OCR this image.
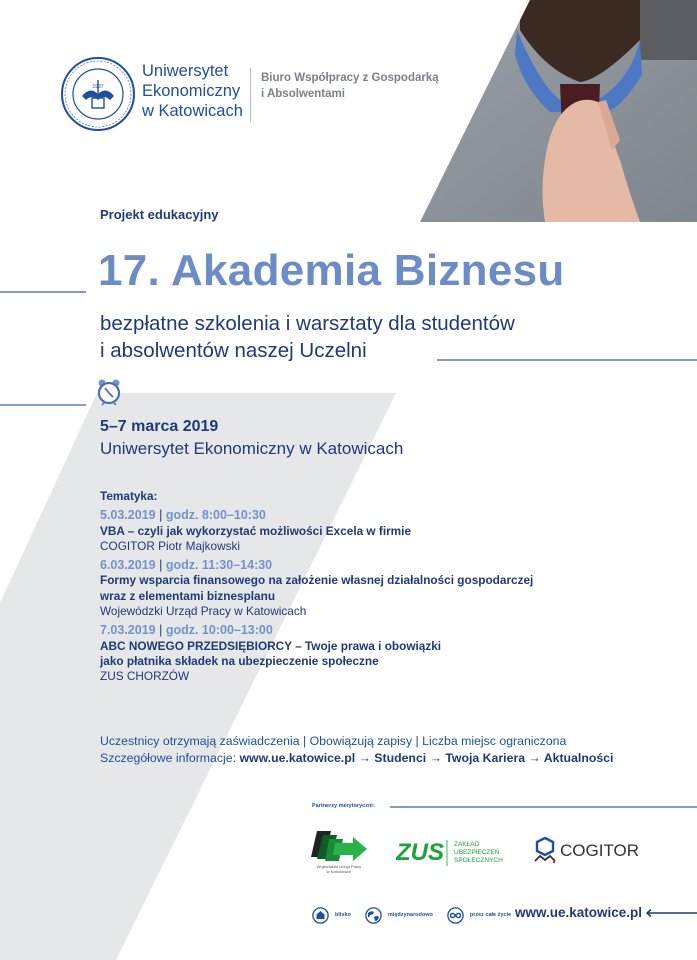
1937
Uniwersytet
Ekonomiczny
w Katowicach
Biuro Współpracy z Gospodarką
i Absolwentami
Projekt edukacyjny
17. Akademia Biznesu
bezpłatne szkolenia i warsztaty dla studentów
i absolwentów naszej Uczelni
5–7 marca 2019
Uniwersytet Ekonomiczny w Katowicach
Tematyka:
5.03.2019 | godz. 8:00–10:30
VBA – czyli jak wykorzystać możliwości Excela w firmie
COGITOR Piotr Majkowski
6.03.2019 | godz. 11:30–14:30
Formy wsparcia finansowego na założenie własnej działalności gospodarczej
wraz z elementami biznesplanu
Wojewódzki Urząd Pracy w Katowicach
7.03.2019 | godz. 10:00–13:00
ABC NOWEGO PRZEDSIĘBIORCY – Twoje prawa i obowiązki
jako płatnika składek na ubezpieczenie społeczne
ZUS CHORZÓW
Uczestnicy otrzymają zaświadczenia | Obowiązują zapisy | Liczba miejsc ograniczona
Szczegółowe informacje: www.ue.katowice.pl → Studenci → Twoja Kariera → Aktualności
Partnerzy merytoryczni:
Wojewódzki Urząd Pracy
w Katowicach
ZUS ZAKŁAD
UBEZPIECZEŃ
SPOŁECZNYCH
COGITOR
blisko	międzynarodowo	przez całe życie www.ue.katowice.pl
